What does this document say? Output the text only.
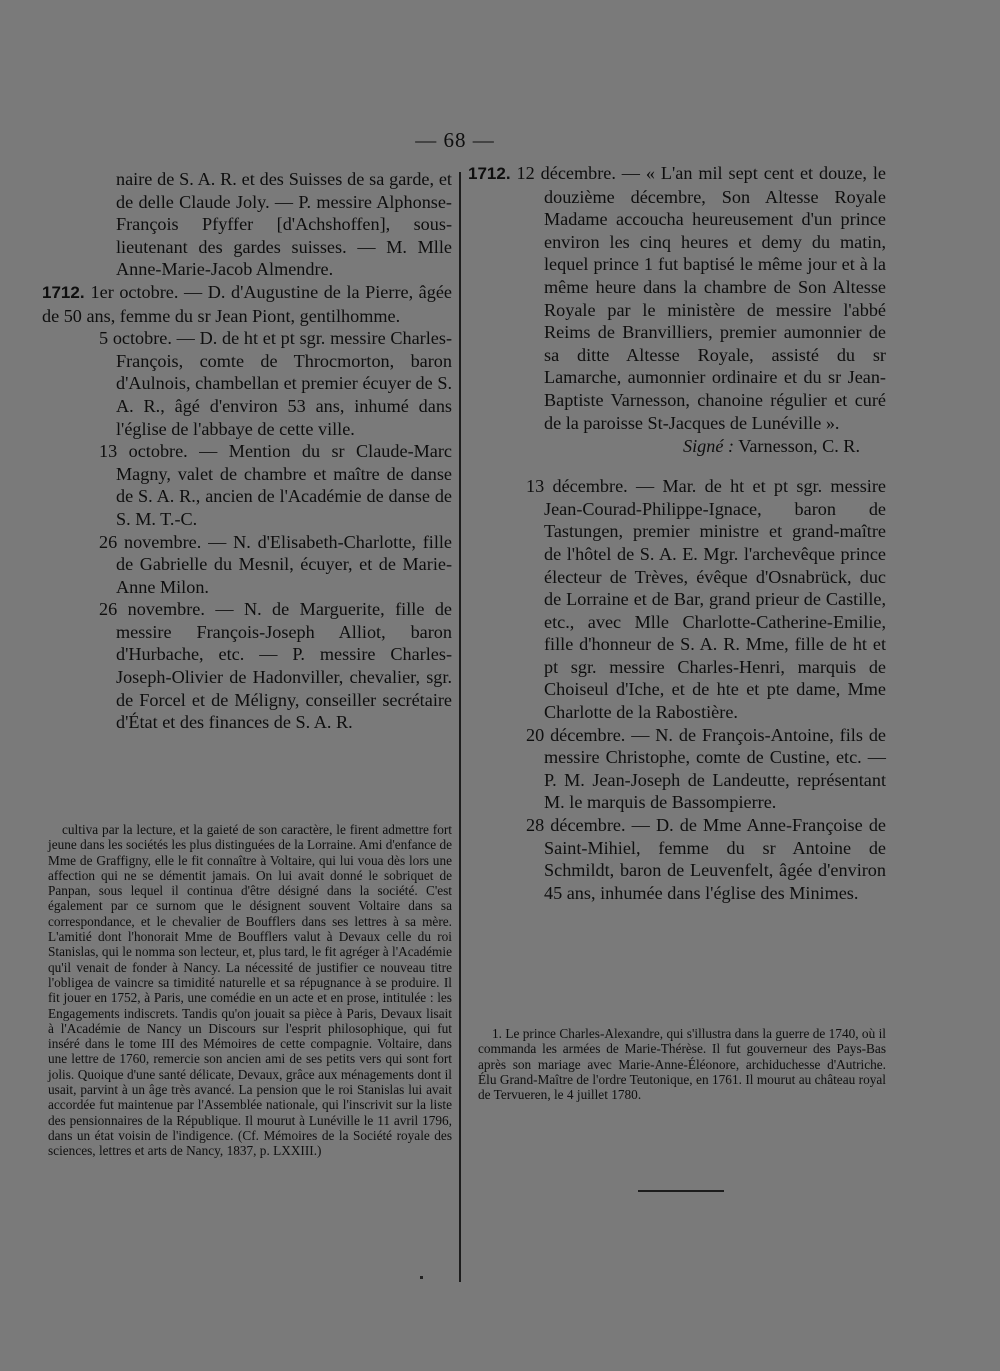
— 68 —

naire de S. A. R. et des Suisses de sa garde, et de delle Claude Joly. — P. messire Alphonse-François Pfyffer [d'Achshoffen], sous-lieutenant des gardes suisses. — M. Mlle Anne-Marie-Jacob Almendre.

1712. 1er octobre. — D. d'Augustine de la Pierre, âgée de 50 ans, femme du sr Jean Piont, gentilhomme.

5 octobre. — D. de ht et pt sgr. messire Charles-François, comte de Throcmorton, baron d'Aulnois, chambellan et premier écuyer de S. A. R., âgé d'environ 53 ans, inhumé dans l'église de l'abbaye de cette ville.

13 octobre. — Mention du sr Claude-Marc Magny, valet de chambre et maître de danse de S. A. R., ancien de l'Académie de danse de S. M. T.-C.

26 novembre. — N. d'Elisabeth-Charlotte, fille de Gabrielle du Mesnil, écuyer, et de Marie-Anne Milon.

26 novembre. — N. de Marguerite, fille de messire François-Joseph Alliot, baron d'Hurbache, etc. — P. messire Charles-Joseph-Olivier de Hadonviller, chevalier, sgr. de Forcel et de Méligny, conseiller secrétaire d'État et des finances de S. A. R.

1712. 12 décembre. — « L'an mil sept cent et douze, le douzième décembre, Son Altesse Royale Madame accoucha heureusement d'un prince environ les cinq heures et demy du matin, lequel prince 1 fut baptisé le même jour et à la même heure dans la chambre de Son Altesse Royale par le ministère de messire l'abbé Reims de Branvilliers, premier aumonnier de sa ditte Altesse Royale, assisté du sr Lamarche, aumonnier ordinaire et du sr Jean-Baptiste Varnesson, chanoine régulier et curé de la paroisse St-Jacques de Lunéville ».
Signé : Varnesson, C. R.

13 décembre. — Mar. de ht et pt sgr. messire Jean-Courad-Philippe-Ignace, baron de Tastungen, premier ministre et grand-maître de l'hôtel de S. A. E. Mgr. l'archevêque prince électeur de Trèves, évêque d'Osnabrück, duc de Lorraine et de Bar, grand prieur de Castille, etc., avec Mlle Charlotte-Catherine-Emilie, fille d'honneur de S. A. R. Mme, fille de ht et pt sgr. messire Charles-Henri, marquis de Choiseul d'Iche, et de hte et pte dame, Mme Charlotte de la Rabostière.

20 décembre. — N. de François-Antoine, fils de messire Christophe, comte de Custine, etc. — P. M. Jean-Joseph de Landeutte, représentant M. le marquis de Bassompierre.

28 décembre. — D. de Mme Anne-Françoise de Saint-Mihiel, femme du sr Antoine de Schmildt, baron de Leuvenfelt, âgée d'environ 45 ans, inhumée dans l'église des Minimes.

cultiva par la lecture, et la gaieté de son caractère, le firent admettre fort jeune dans les sociétés les plus distinguées de la Lorraine. Ami d'enfance de Mme de Graffigny, elle le fit connaître à Voltaire, qui lui voua dès lors une affection qui ne se démentit jamais. On lui avait donné le sobriquet de Panpan, sous lequel il continua d'être désigné dans la société. C'est également par ce surnom que le désignent souvent Voltaire dans sa correspondance, et le chevalier de Boufflers dans ses lettres à sa mère. L'amitié dont l'honorait Mme de Boufflers valut à Devaux celle du roi Stanislas, qui le nomma son lecteur, et, plus tard, le fit agréger à l'Académie qu'il venait de fonder à Nancy. La nécessité de justifier ce nouveau titre l'obligea de vaincre sa timidité naturelle et sa répugnance à se produire. Il fit jouer en 1752, à Paris, une comédie en un acte et en prose, intitulée : les Engagements indiscrets. Tandis qu'on jouait sa pièce à Paris, Devaux lisait à l'Académie de Nancy un Discours sur l'esprit philosophique, qui fut inséré dans le tome III des Mémoires de cette compagnie. Voltaire, dans une lettre de 1760, remercie son ancien ami de ses petits vers qui sont fort jolis. Quoique d'une santé délicate, Devaux, grâce aux ménagements dont il usait, parvint à un âge très avancé. La pension que le roi Stanislas lui avait accordée fut maintenue par l'Assemblée nationale, qui l'inscrivit sur la liste des pensionnaires de la République. Il mourut à Lunéville le 11 avril 1796, dans un état voisin de l'indigence. (Cf. Mémoires de la Société royale des sciences, lettres et arts de Nancy, 1837, p. LXXIII.)
1. Le prince Charles-Alexandre, qui s'illustra dans la guerre de 1740, où il commanda les armées de Marie-Thérèse. Il fut gouverneur des Pays-Bas après son mariage avec Marie-Anne-Éléonore, archiduchesse d'Autriche. Élu Grand-Maître de l'ordre Teutonique, en 1761. Il mourut au château royal de Tervueren, le 4 juillet 1780.
